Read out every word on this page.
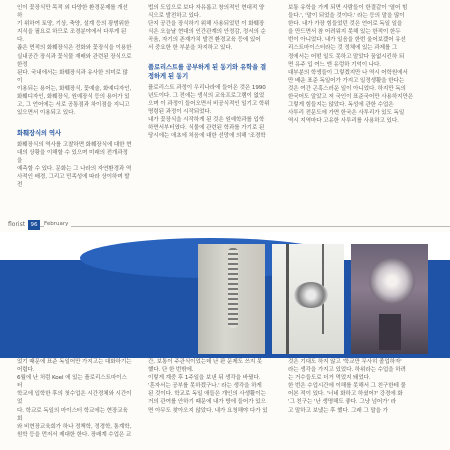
인이 꽃장식만 목적 외 다양한 환경문제를 개선하

기 위하여 토양, 기상, 축양, 설계 등의 광범위한

지식을 필요로 하므로 조경분야에서 다루게 된다.

좁은 면적의 화훼장식은 전화와 꽃장식을 이용한

실내공간 장식과 꽃식물 재배와 관련된 장식으로 한정

된다. 국내에서는 화훼장식과 유사한 의미로 많이

이용되는 용어는, 화훼장식, 꽃예술, 화예디자인,

화훼디자인, 화훼장식, 원예장식 등의 용어가 있

고, 그 언어에는 서로 공통점과 차이점을 지니고

있으면서 이용되고 있다.

화훼장식의 역사

화훼장식의 역사를 고찰하면 화훼장식에 대한 현

대의 상황을 이해할 수 있으며 미래의 전개과정을

예측할 수 있다. 문화는 그 나라의 자연환경과 역

사적인 배경, 그리고 민족성에 따라 상이하며 발전

법의 도입으로 보다 자유롭고 창의적인 현대적 양

식으로 발전하고 있다.

단지 공간을 장식하기 위해 사용되었던 이 화훼장

식은 오늘날 현대의 인간관계의 안정감, 정서의 순

곡움, 자기의 존재가치 발견 환경교육 등에 있어

서 중요한 한 부분을 차지하고 있다.

플로리스트를 공부하게 된 동기와 유학을 결정하게 된 동기

플로리스트 과정이 우리나라에 들어온 것은 1990

년도이다. 그 전에는 생식의 교육프로그램이 없었

으며 이 과정이 들어오면서 비공식적인 일기고 학위

명령된 과정이 시작되었다.

내가 꽃장식을 시작하게 된 것은 원예학과를 입학

하면서부터였다. 식물에 관련된 학과를 가기로 된

당시에는 애초에 처음에 대한 선망에 의해 '조경학

보통 유학을 가게 되면 사람들이 한결같이 '열어 힘

들다.', '말이 되었을 것이다.' 라는 등의 말을 많이

한다. 내가 가장 힘들었던 것은 언어로 독일 일을

을 만드면서 참 어려워지 못해 있는 한적이 한두

번이 아니었다. 내가 일음을 한번 울어보겠어 유선

리스트마이스터라는 것 정체에 있는 과제를 그

정에서는 어떤 일도 못하고 맡았다 꿈없시킨하 되

면 유주 입 여느 엔 유렁하 기억이 나다.

대부분의 학생들이 그렇겠지만 나 역시 어학원에서

만 배운 표준 독일어가 가지고 일정생활을 한다는

것은 여간 곤혹스러운 일이 아니었다. 하지만 독의

한국어도 알았고 저 국인이 표준국어만 사용하지만은

그렇게 힘들지는 않았다. 독성에 관한 수업은

사투리 전문도에 가면 한국은 사투리가 있도 독일

역시 지역마다 고유한 사투리를 사용하고 있다.

florist 96	February

었기 때문에 표준 독일어만 가지고는 대화하기는

어렵다.

6월에 난 처럼 Koel 에 있는 플로리스트마이스터

학교에 입학한 후의 첫수업은 시간정체와 시간이었

다. 학교로 독일의 마이스터 학교에는 현장교육회

와 비현장교육회가 하나 정책학, 정경학, 통계학,

원학 등을 먼저서 제대한 한다. 장래계 수업은 교

간, 보통이 주관식이었는데 난 판 문제도 쓰지 못

했다. 단 한 번밖에.

이렇게 계중 후 1주일을 보낸 뒤 생각을 바꿨다.

'혼자서는 공부를 못하겠구나.' 라는 생각을 하게

된 것이다. 학교로 독일 애들은 개인의 사생활이는

거의 관여를 안하기 때문에 내가 방에 들어가 있으

면 아무도 찾아오지 않았다. 내가 요청해야 다가 있

것은 기대도 하지 않고 '학교만 무사히 졸업하자'

라는 생각을 가지고 있었다. 하위라는 수업을 하려

는 거수들도로 더거 먹었지 돼었다.

한 번은 수업시간에 이해를 못해서 그 친구한테 물

어본 적이 있다. '너네 화하고 하셨어?' 강경에 화

'그 친구는 '난 생명해도 좋다. 그냥 넘어가' 라

고 말하고 보냈는 후 했다. 그래 그 말을 가
